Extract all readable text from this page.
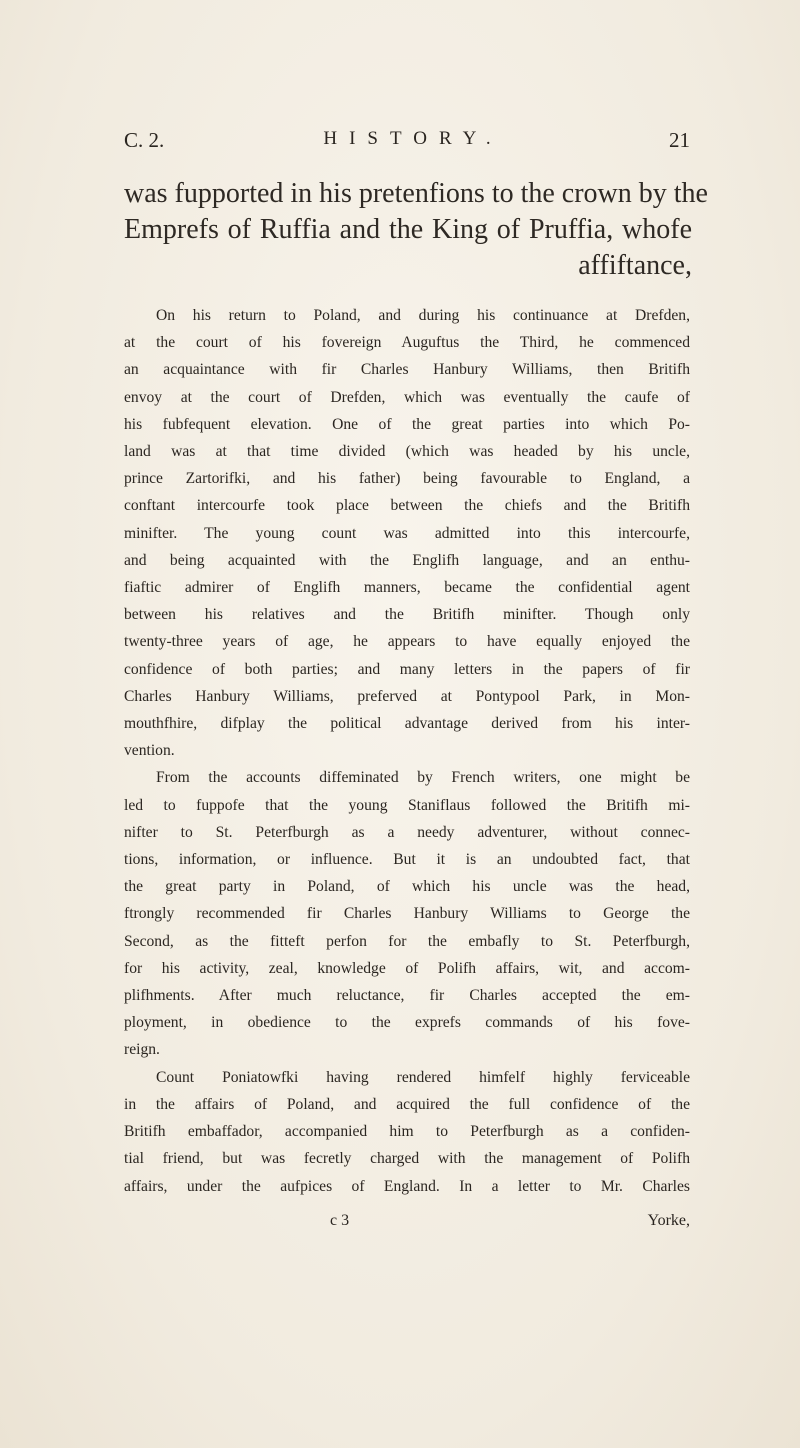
C. 2.	HISTORY.	21
was fupported in his pretenfions to the crown by the
Emprefs of Ruffia and the King of Pruffia, whofe
affiftance,
On his return to Poland, and during his continuance at Drefden,
at the court of his fovereign Auguftus the Third, he commenced
an acquaintance with fir Charles Hanbury Williams, then Britifh
envoy at the court of Drefden, which was eventually the caufe of
his fubfequent elevation. One of the great parties into which Po-
land was at that time divided (which was headed by his uncle,
prince Zartorifki, and his father) being favourable to England, a
conftant intercourfe took place between the chiefs and the Britifh
minifter. The young count was admitted into this intercourfe,
and being acquainted with the Englifh language, and an enthu-
fiaftic admirer of Englifh manners, became the confidential agent
between his relatives and the Britifh minifter. Though only
twenty-three years of age, he appears to have equally enjoyed the
confidence of both parties; and many letters in the papers of fir
Charles Hanbury Williams, preferved at Pontypool Park, in Mon-
mouthfhire, difplay the political advantage derived from his inter-
vention.
From the accounts diffeminated by French writers, one might be
led to fuppofe that the young Staniflaus followed the Britifh mi-
nifter to St. Peterfburgh as a needy adventurer, without connec-
tions, information, or influence. But it is an undoubted fact, that
the great party in Poland, of which his uncle was the head,
ftrongly recommended fir Charles Hanbury Williams to George the
Second, as the fitteft perfon for the embafly to St. Peterfburgh,
for his activity, zeal, knowledge of Polifh affairs, wit, and accom-
plifhments. After much reluctance, fir Charles accepted the em-
ployment, in obedience to the exprefs commands of his fove-
reign.
Count Poniatowfki having rendered himfelf highly ferviceable
in the affairs of Poland, and acquired the full confidence of the
Britifh embaffador, accompanied him to Peterfburgh as a confiden-
tial friend, but was fecretly charged with the management of Polifh
affairs, under the aufpices of England. In a letter to Mr. Charles
c 3	Yorke,
